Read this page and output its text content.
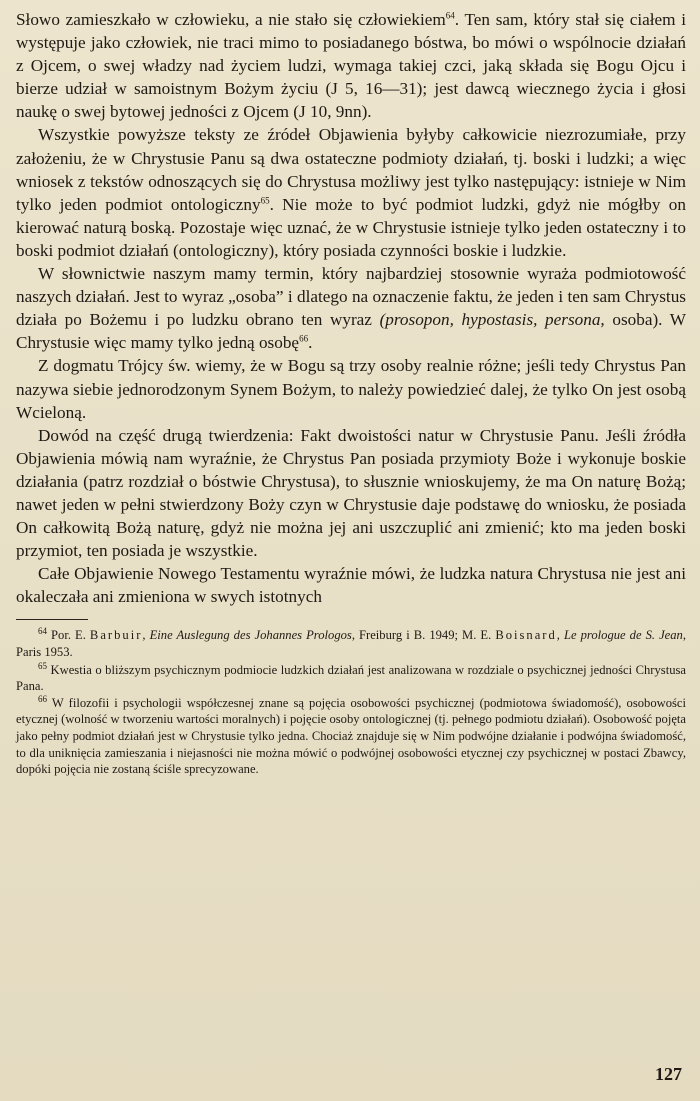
Słowo zamieszkało w człowieku, a nie stało się człowiekiem$^{64}$. Ten sam, który stał się ciałem i występuje jako człowiek, nie traci mimo to posiadanego bóstwa, bo mówi o wspólnocie działań z Ojcem, o swej władzy nad życiem ludzi, wymaga takiej czci, jaką składa się Bogu Ojcu i bierze udział w samoistnym Bożym życiu (J 5, 16—31); jest dawcą wiecznego życia i głosi naukę o swej bytowej jedności z Ojcem (J 10, 9nn).

Wszystkie powyższe teksty ze źródeł Objawienia byłyby całkowicie niezrozumiałe, przy założeniu, że w Chrystusie Panu są dwa ostateczne podmioty działań, tj. boski i ludzki; a więc wniosek z tekstów odnoszących się do Chrystusa możliwy jest tylko następujący: istnieje w Nim tylko jeden podmiot ontologiczny$^{65}$. Nie może to być podmiot ludzki, gdyż nie mógłby on kierować naturą boską. Pozostaje więc uznać, że w Chrystusie istnieje tylko jeden ostateczny i to boski podmiot działań (ontologiczny), który posiada czynności boskie i ludzkie.

W słownictwie naszym mamy termin, który najbardziej stosownie wyraża podmiotowość naszych działań. Jest to wyraz „osoba” i dlatego na oznaczenie faktu, że jeden i ten sam Chrystus działa po Bożemu i po ludzku obrano ten wyraz (prosopon, hypostasis, persona, osoba). W Chrystusie więc mamy tylko jedną osobę$^{66}$.

Z dogmatu Trójcy św. wiemy, że w Bogu są trzy osoby realnie różne; jeśli tedy Chrystus Pan nazywa siebie jednorodzonym Synem Bożym, to należy powiedzieć dalej, że tylko On jest osobą Wcieloną.

Dowód na część drugą twierdzenia: Fakt dwoistości natur w Chrystusie Panu. Jeśli źródła Objawienia mówią nam wyraźnie, że Chrystus Pan posiada przymioty Boże i wykonuje boskie działania (patrz rozdział o bóstwie Chrystusa), to słusznie wnioskujemy, że ma On naturę Bożą; nawet jeden w pełni stwierdzony Boży czyn w Chrystusie daje podstawę do wniosku, że posiada On całkowitą Bożą naturę, gdyż nie można jej ani uszczuplić ani zmienić; kto ma jeden boski przymiot, ten posiada je wszystkie.

Całe Objawienie Nowego Testamentu wyraźnie mówi, że ludzka natura Chrystusa nie jest ani okaleczała ani zmieniona w swych istotnych

$^{64}$ Por. E. Barbuir, Eine Auslegung des Johannes Prologos, Freiburg i B. 1949; M. E. Boisnard, Le prologue de S. Jean, Paris 1953.

$^{65}$ Kwestia o bliższym psychicznym podmiocie ludzkich działań jest analizowana w rozdziale o psychicznej jedności Chrystusa Pana.

$^{66}$ W filozofii i psychologii współczesnej znane są pojęcia osobowości psychicznej (podmiotowa świadomość), osobowości etycznej (wolność w tworzeniu wartości moralnych) i pojęcie osoby ontologicznej (tj. pełnego podmiotu działań). Osobowość pojęta jako pełny podmiot działań jest w Chrystusie tylko jedna. Chociaż znajduje się w Nim podwójne działanie i podwójna świadomość, to dla uniknięcia zamieszania i niejasności nie można mówić o podwójnej osobowości etycznej czy psychicznej w postaci Zbawcy, dopóki pojęcia nie zostaną ściśle sprecyzowane.

127
